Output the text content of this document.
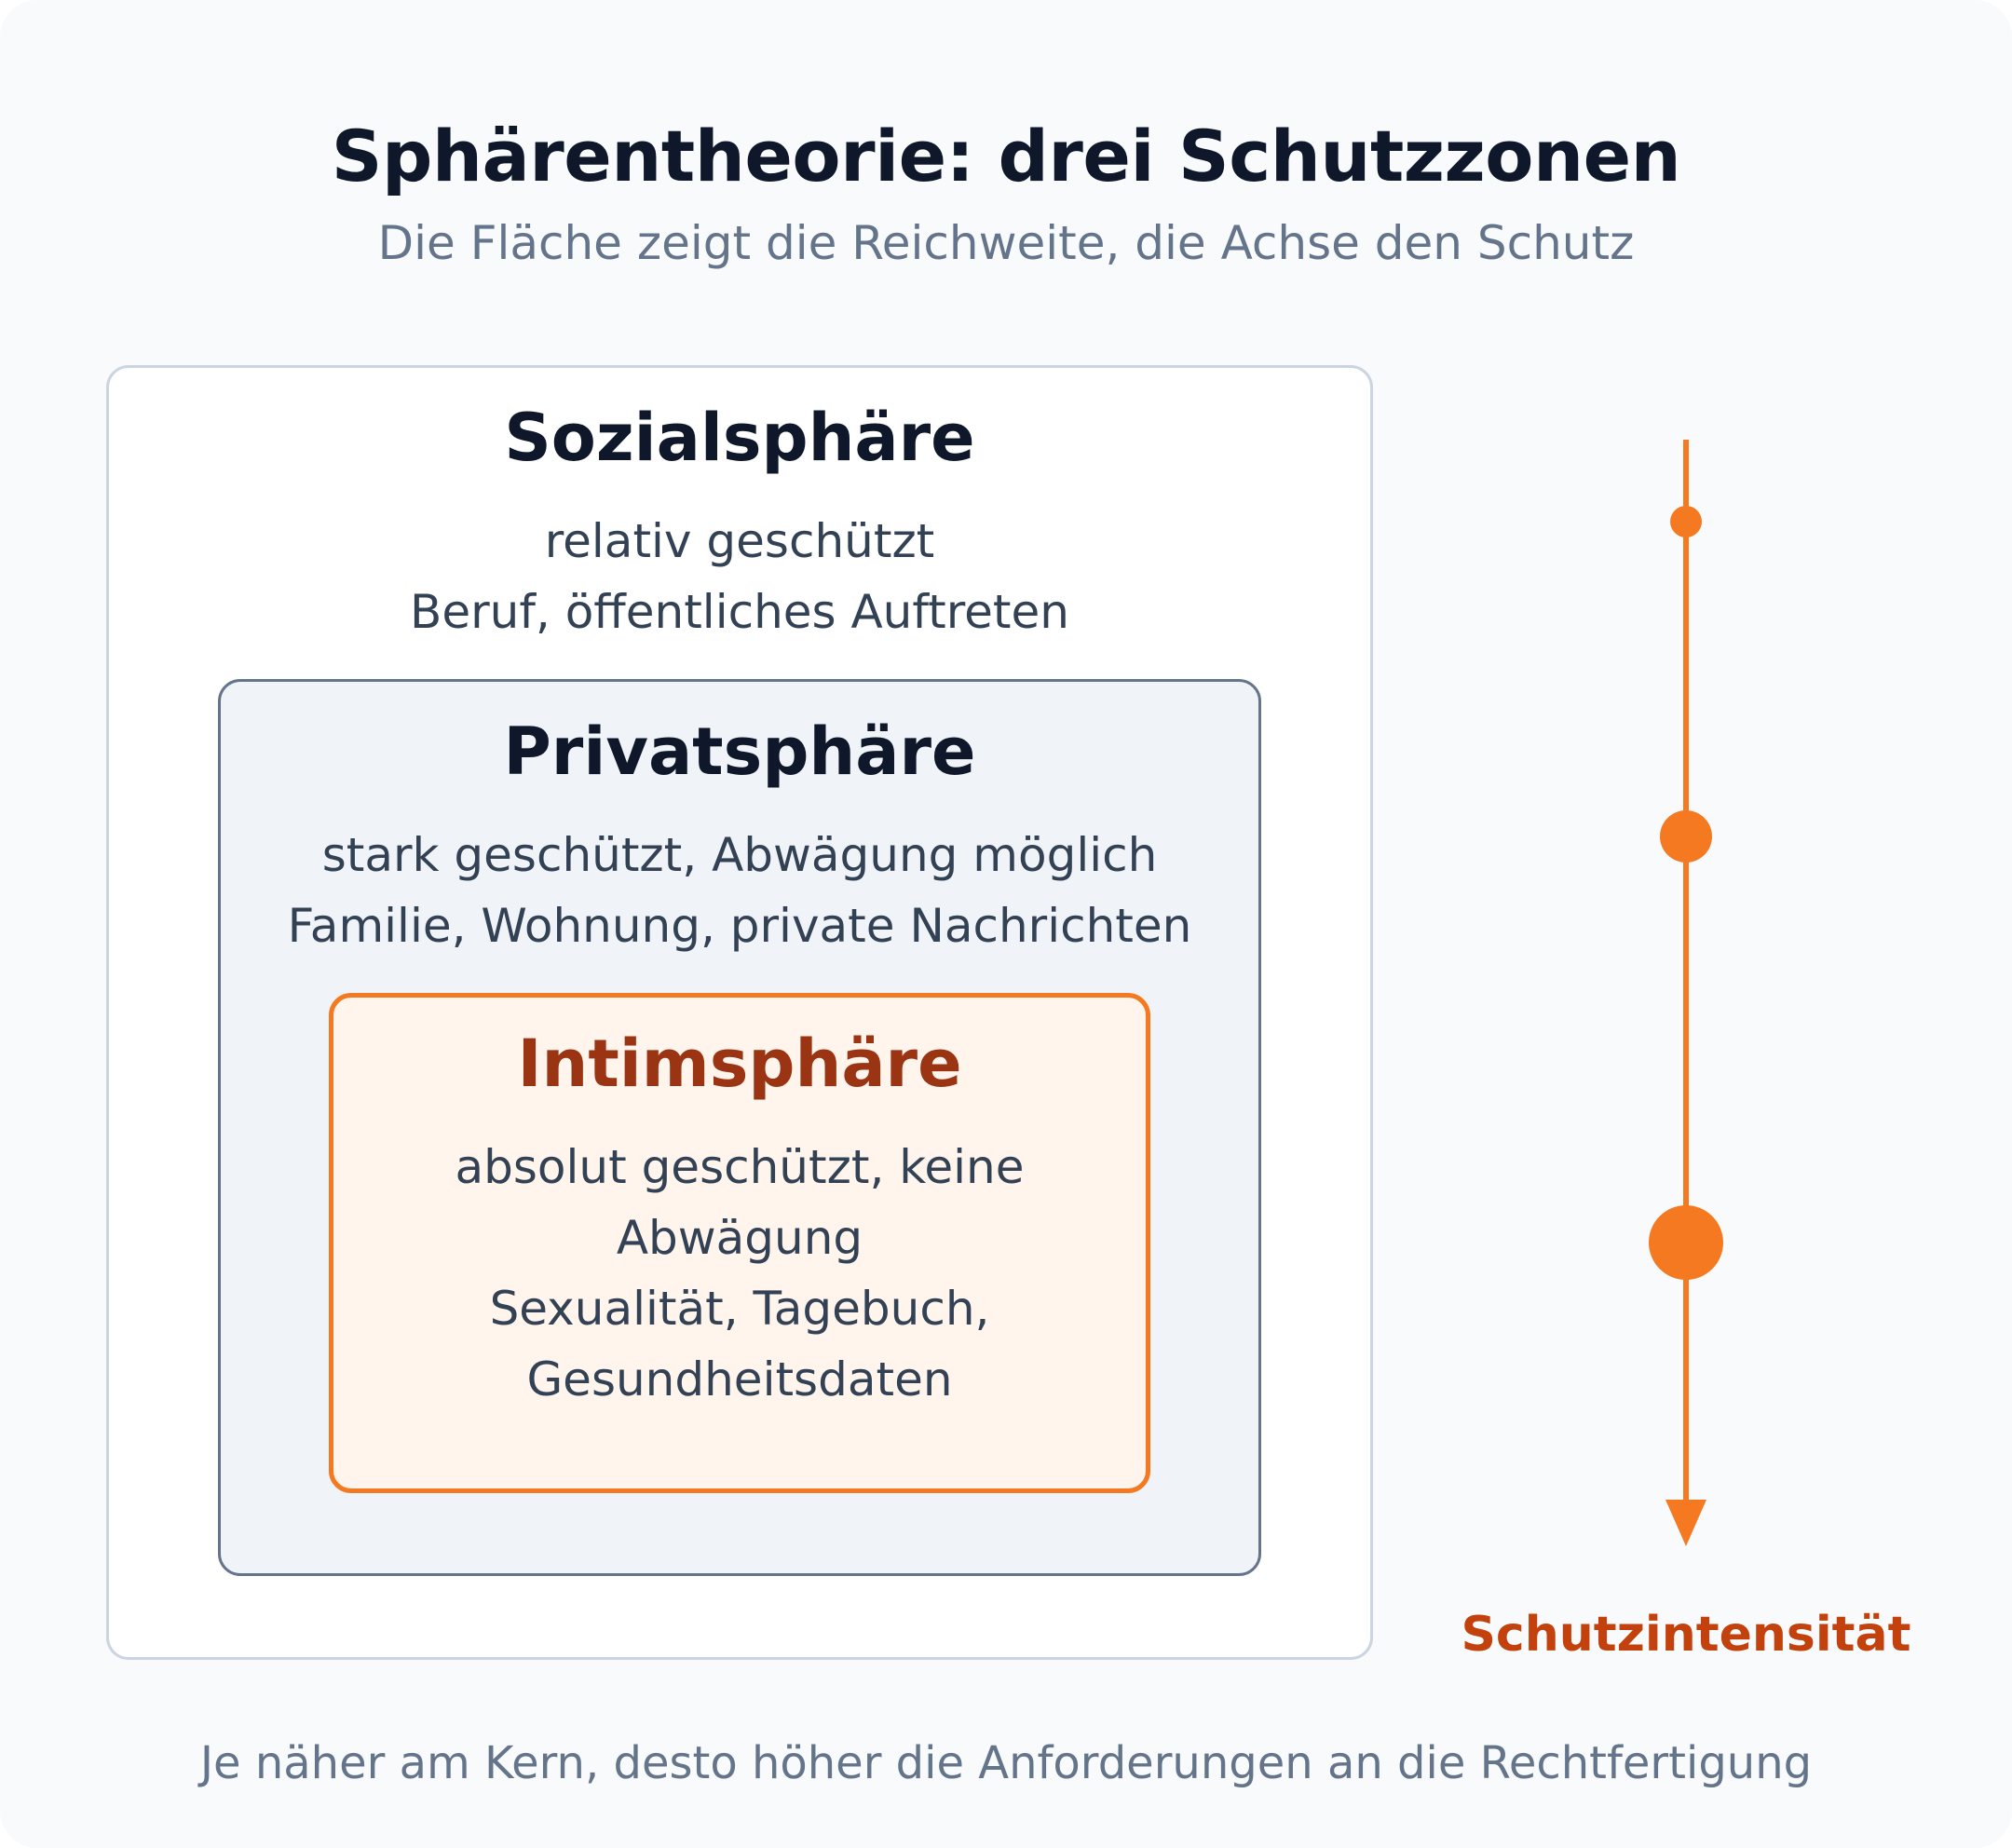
Sphärentheorie: drei Schutzzonen
Die Fläche zeigt die Reichweite, die Achse den Schutz
Sozialsphäre
relativ geschützt
Beruf, öffentliches Auftreten
Privatsphäre
stark geschützt, Abwägung möglich
Familie, Wohnung, private Nachrichten
Intimsphäre
absolut geschützt, keine Abwägung
Sexualität, Tagebuch, Gesundheitsdaten
Schutzintensität
Je näher am Kern, desto höher die Anforderungen an die Rechtfertigung
